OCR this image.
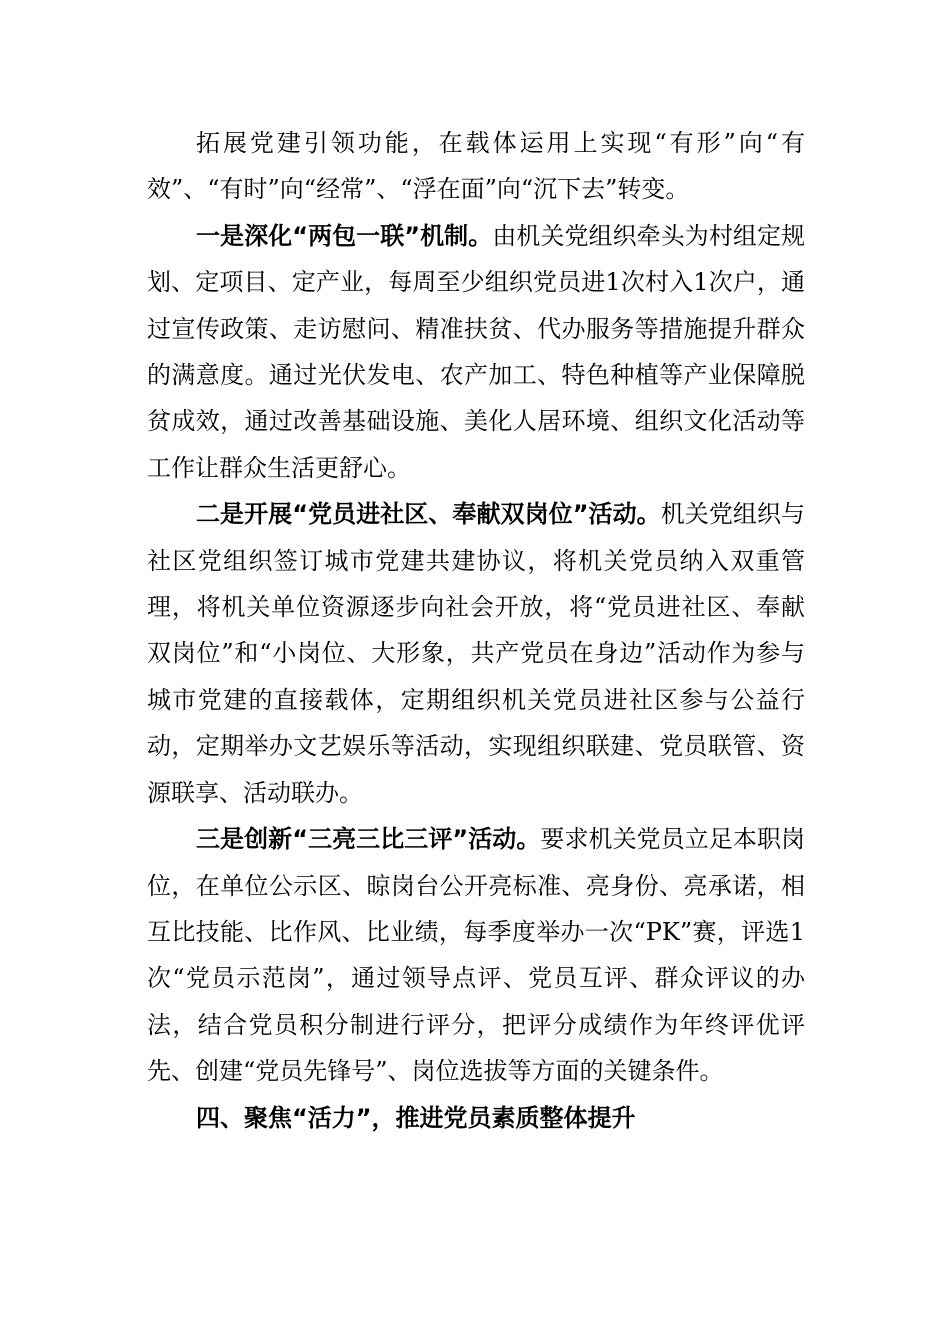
拓展党建引领功能，在载体运用上实现“有形”向“有效”、“有时”向“经常”、“浮在面”向“沉下去”转变。

一是深化“两包一联”机制。由机关党组织牵头为村组定规划、定项目、定产业，每周至少组织党员进1次村入1次户，通过宣传政策、走访慰问、精准扶贫、代办服务等措施提升群众的满意度。通过光伏发电、农产加工、特色种植等产业保障脱贫成效，通过改善基础设施、美化人居环境、组织文化活动等工作让群众生活更舒心。

二是开展“党员进社区、奉献双岗位”活动。机关党组织与社区党组织签订城市党建共建协议，将机关党员纳入双重管理，将机关单位资源逐步向社会开放，将“党员进社区、奉献双岗位”和“小岗位、大形象，共产党员在身边”活动作为参与城市党建的直接载体，定期组织机关党员进社区参与公益行动，定期举办文艺娱乐等活动，实现组织联建、党员联管、资源联享、活动联办。

三是创新“三亮三比三评”活动。要求机关党员立足本职岗位，在单位公示区、晾岗台公开亮标准、亮身份、亮承诺，相互比技能、比作风、比业绩，每季度举办一次“PK”赛，评选1次“党员示范岗”，通过领导点评、党员互评、群众评议的办法，结合党员积分制进行评分，把评分成绩作为年终评优评先、创建“党员先锋号”、岗位选拔等方面的关键条件。

四、聚焦“活力”，推进党员素质整体提升
